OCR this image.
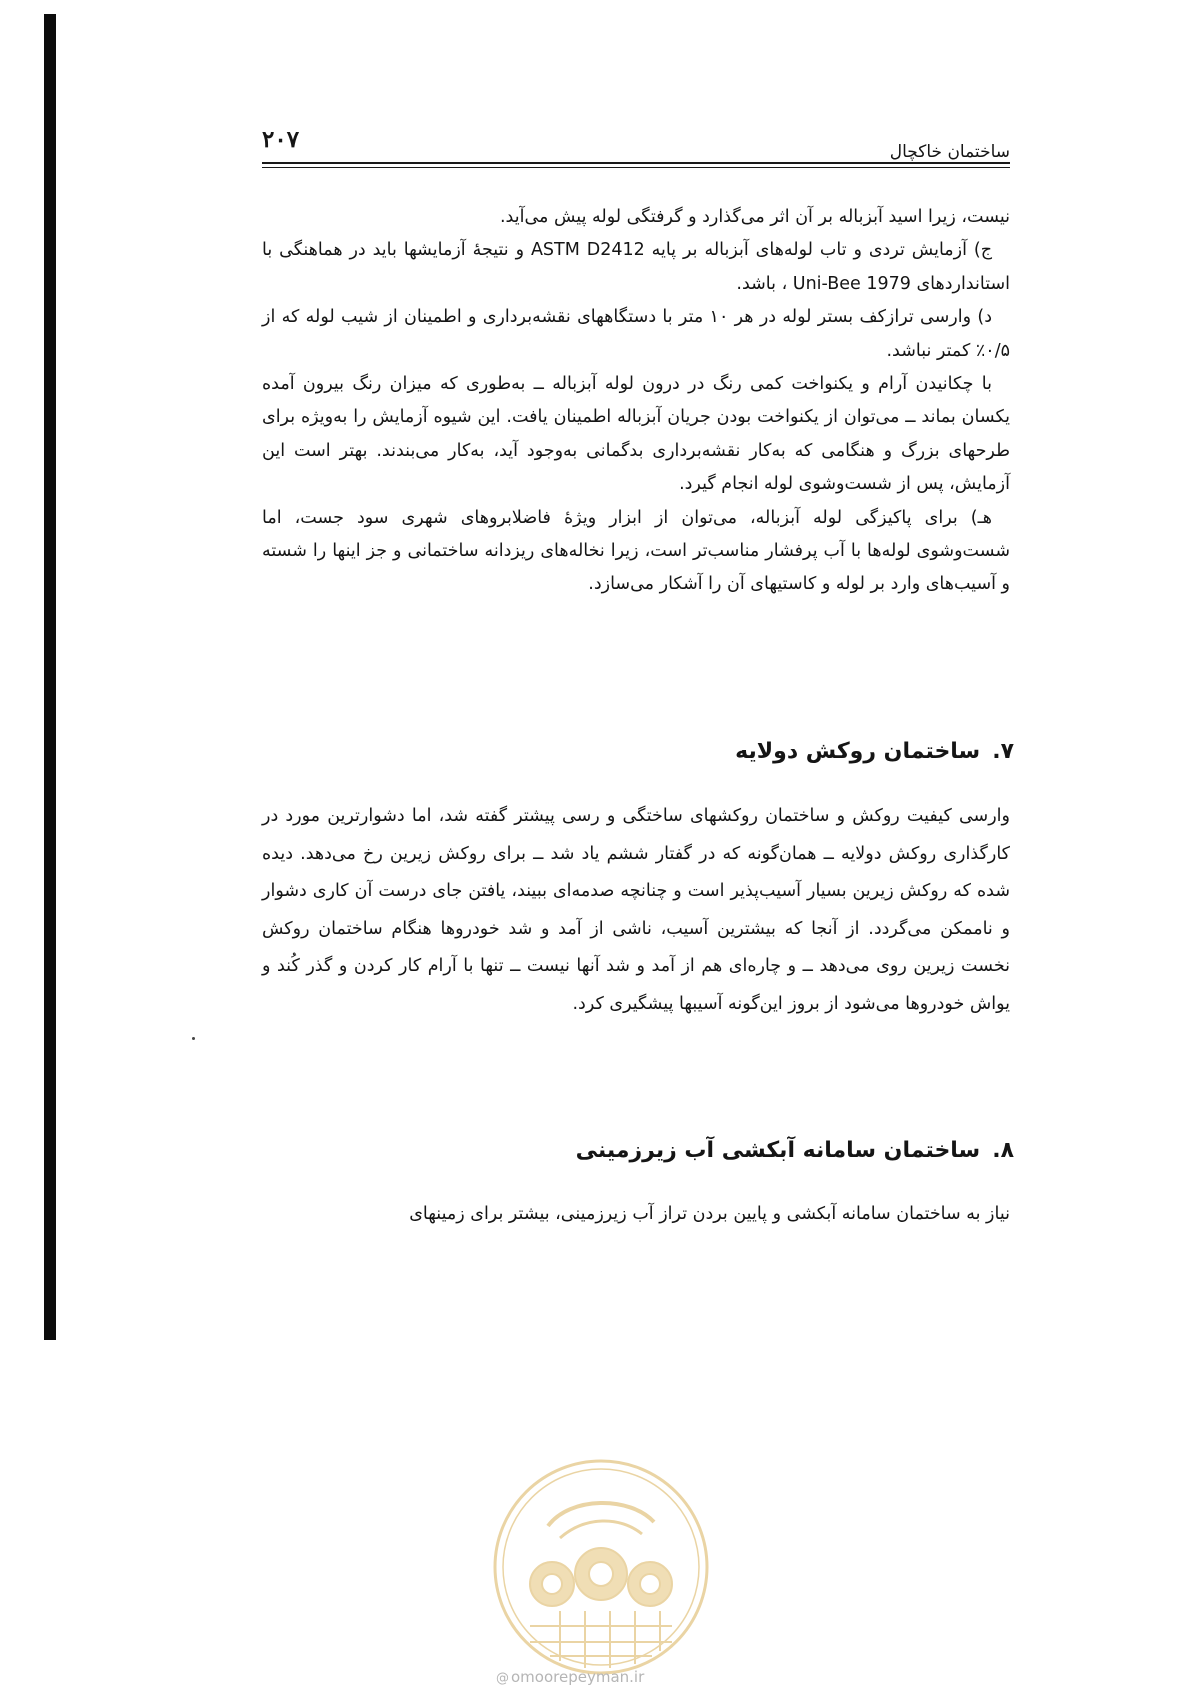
۲۰۷	ساختمان خاکچال

نیست، زیرا اسید آبزباله بر آن اثر می‌گذارد و گرفتگی لوله پیش می‌آید.

ج) آزمایش تردی و تاب لوله‌های آبزباله بر پایه ASTM D2412 و نتیجهٔ آزمایشها باید در هماهنگی با استانداردهای Uni-Bee 1979 ، باشد.

د) وارسی ترازکف بستر لوله در هر ۱۰ متر با دستگاههای نقشه‌برداری و اطمینان از شیب لوله که از ۰/۵٪ کمتر نباشد.

با چکانیدن آرام و یکنواخت کمی رنگ در درون لوله آبزباله ــ به‌طوری که میزان رنگ بیرون آمده یکسان بماند ــ می‌توان از یکنواخت بودن جریان آبزباله اطمینان یافت. این شیوه آزمایش را به‌ویژه برای طرحهای بزرگ و هنگامی که به‌کار نقشه‌برداری بدگمانی به‌وجود آید، به‌کار می‌بندند. بهتر است این آزمایش، پس از شست‌وشوی لوله انجام گیرد.

هـ) برای پاکیزگی لوله آبزباله، می‌توان از ابزار ویژهٔ فاضلابروهای شهری سود جست، اما شست‌وشوی لوله‌ها با آب پرفشار مناسب‌تر است، زیرا نخاله‌های ریزدانه ساختمانی و جز اینها را شسته و آسیب‌های وارد بر لوله و کاستیهای آن را آشکار می‌سازد.

۷.ساختمان روکش دولایه

وارسی کیفیت روکش و ساختمان روکشهای ساختگی و رسی پیشتر گفته شد، اما دشوارترین مورد در کارگذاری روکش دولایه ــ همان‌گونه که در گفتار ششم یاد شد ــ برای روکش زیرین رخ می‌دهد. دیده شده که روکش زیرین بسیار آسیب‌پذیر است و چنانچه صدمه‌ای ببیند، یافتن جای درست آن کاری دشوار و ناممکن می‌گردد. از آنجا که بیشترین آسیب، ناشی از آمد و شد خودروها هنگام ساختمان روکش نخست زیرین روی می‌دهد ــ و چاره‌ای هم از آمد و شد آنها نیست ــ تنها با آرام کار کردن و گذر کُند و یواش خودروها می‌شود از بروز این‌گونه آسیبها پیشگیری کرد.

۸.ساختمان سامانه آبکشی آب زیرزمینی

نیاز به ساختمان سامانه آبکشی و پایین بردن تراز آب زیرزمینی، بیشتر برای زمینهای

@ omoorepeyman.ir
